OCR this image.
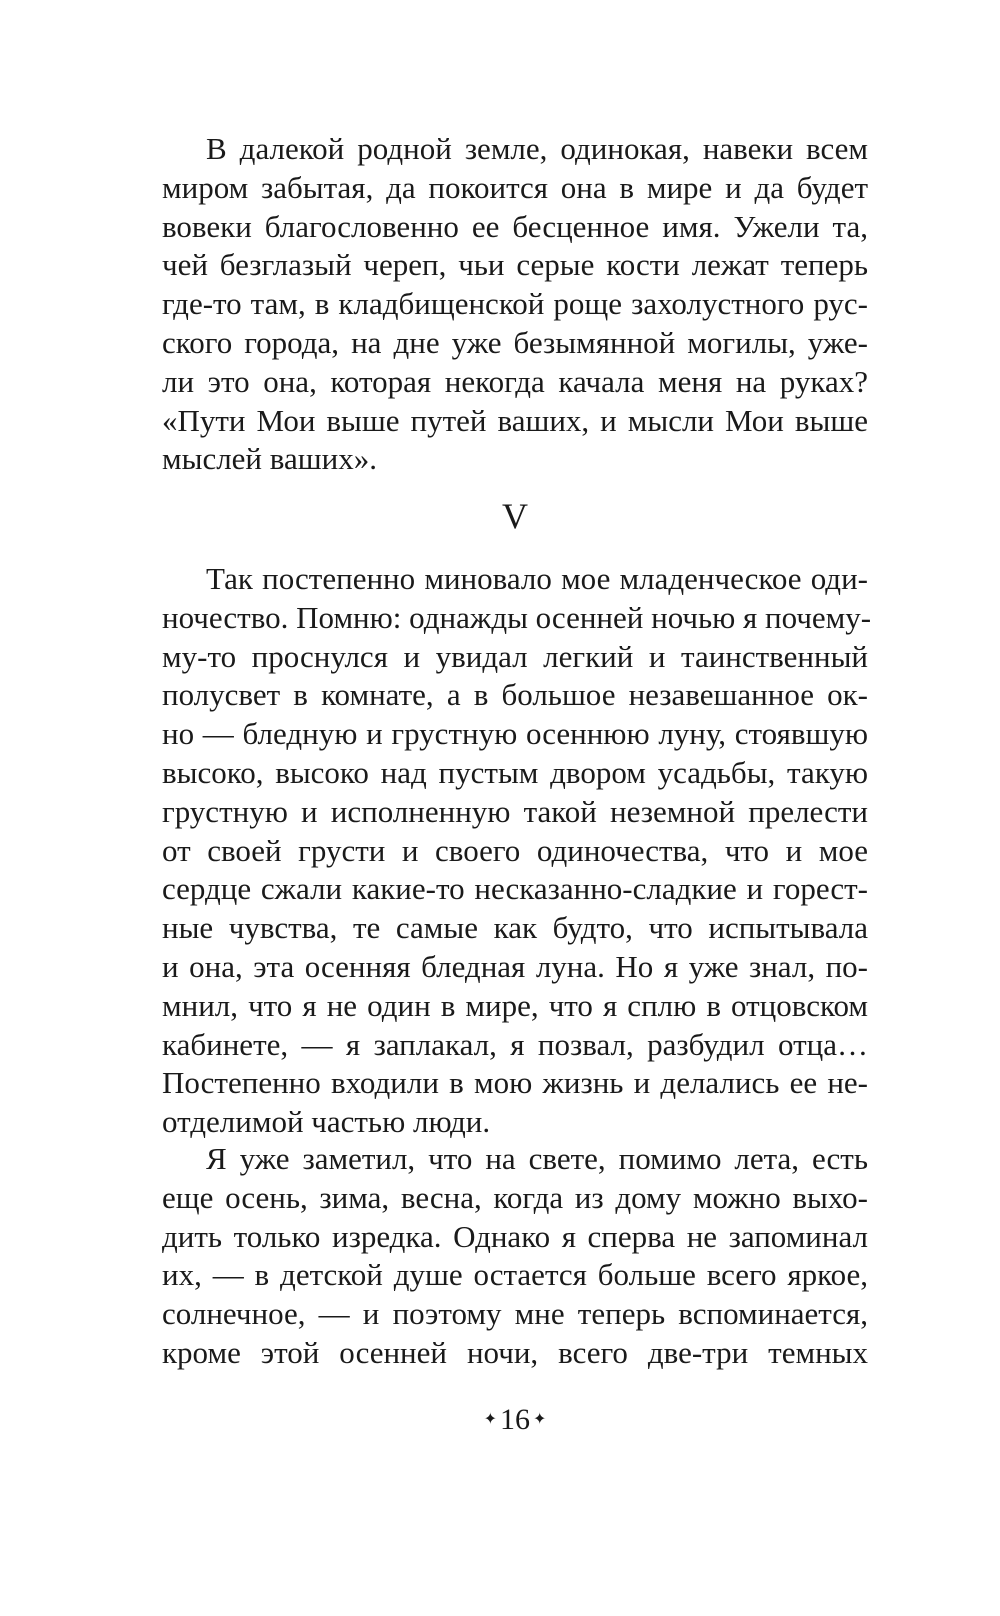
В далекой родной земле, одинокая, навеки всем
миром забытая, да покоится она в мире и да будет
вовеки благословенно ее бесценное имя. Ужели та,
чей безглазый череп, чьи серые кости лежат теперь
где-то там, в кладбищенской роще захолустного рус-
ского города, на дне уже безымянной могилы, уже-
ли это она, которая некогда качала меня на руках?
«Пути Мои выше путей ваших, и мысли Мои выше
мыслей ваших».
V
Так постепенно миновало мое младенческое оди-
ночество. Помню: однажды осенней ночью я почему-
му-то проснулся и увидал легкий и таинственный
полусвет в комнате, а в большое незавешанное ок-
но — бледную и грустную осеннюю луну, стоявшую
высоко, высоко над пустым двором усадьбы, такую
грустную и исполненную такой неземной прелести
от своей грусти и своего одиночества, что и мое
сердце сжали какие-то несказанно-сладкие и горест-
ные чувства, те самые как будто, что испытывала
и она, эта осенняя бледная луна. Но я уже знал, по-
мнил, что я не один в мире, что я сплю в отцовском
кабинете, — я заплакал, я позвал, разбудил отца…
Постепенно входили в мою жизнь и делались ее не-
отделимой частью люди.
Я уже заметил, что на свете, помимо лета, есть
еще осень, зима, весна, когда из дому можно выхо-
дить только изредка. Однако я сперва не запоминал
их, — в детской душе остается больше всего яркое,
солнечное, — и поэтому мне теперь вспоминается,
кроме этой осенней ночи, всего две-три темных
✦ 16 ✦
